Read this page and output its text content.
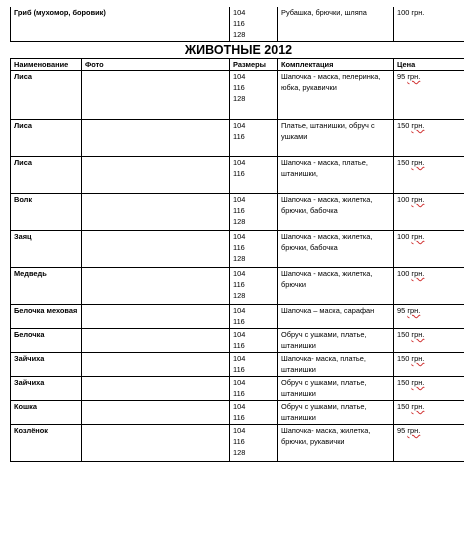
Гриб (мухомор, боровик)		104
116
128	Рубашка, брючки, шляпа	100 грн.
ЖИВОТНЫЕ 2012				
Наименование	Фото	Размеры	Комплектация	Цена
Лиса		104
116
128	Шапочка - маска, пелеринка, юбка, рукавички	95 грн.
Лиса		104
116	Платье, штанишки, обруч с ушками	150 грн.
Лиса		104
116	Шапочка - маска, платье, штанишки,	150 грн.
Волк		104
116
128	Шапочка - маска, жилетка, брючки, бабочка	100 грн.
Заяц		104
116
128	Шапочка - маска, жилетка, брючки, бабочка	100 грн.
Медведь		104
116
128	Шапочка - маска, жилетка, брючки	100 грн.
Белочка меховая		104
116	Шапочка – маска, сарафан	95 грн.
Белочка		104
116	Обруч с ушками, платье, штанишки	150 грн.
Зайчиха		104
116	Шапочка- маска, платье, штанишки	150 грн.
Зайчиха		104
116	Обруч с ушками, платье, штанишки	150 грн.
Кошка		104
116	Обруч с ушками, платье, штанишки	150 грн.
Козлёнок		104
116
128	Шапочка- маска, жилетка, брючки, рукавички	95 грн.
